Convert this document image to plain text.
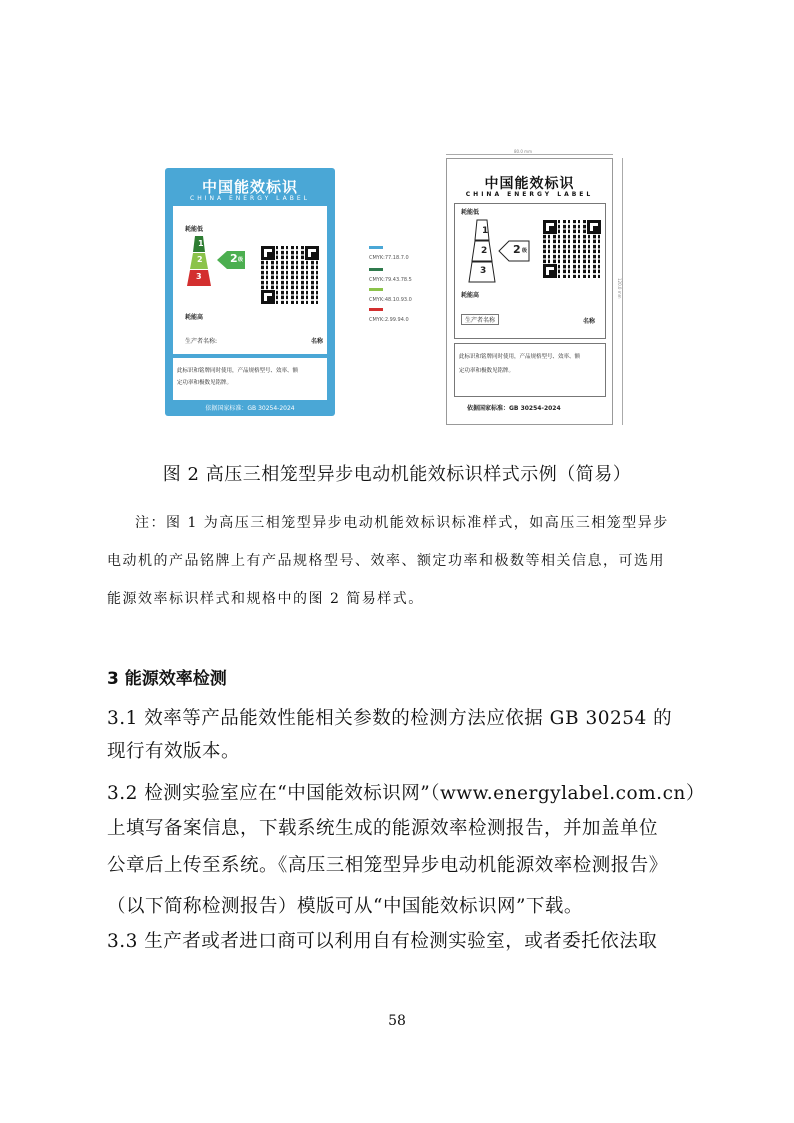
中国能效标识
CHINA ENERGY LABEL
耗能低
1
2
3
2 级
耗能高
生产者名称:	名称
此标识和铭牌同时使用，产品规格型号、效率、额
定功率和极数见铭牌。
依据国家标准：GB 30254-2024
CMYK:77.18.7.0
CMYK:79.43.78.5
CMYK:48.10.93.0
CMYK:2.99.94.0
80.0 mm
120.0 mm
中国能效标识
CHINA ENERGY LABEL
耗能低
1
2
3
2 级
耗能高
生产者名称	名称
此标识和铭牌同时使用，产品规格型号、效率、额
定功率和极数见铭牌。
依据国家标准：GB 30254-2024
图 2 高压三相笼型异步电动机能效标识样式示例（简易）
注：图 1 为高压三相笼型异步电动机能效标识标准样式，如高压三相笼型异步
电动机的产品铭牌上有产品规格型号、效率、额定功率和极数等相关信息，可选用
能源效率标识样式和规格中的图 2 简易样式。
3 能源效率检测
3.1 效率等产品能效性能相关参数的检测方法应依据 GB 30254 的
现行有效版本。
3.2 检测实验室应在“中国能效标识网”（www.energylabel.com.cn）
上填写备案信息，下载系统生成的能源效率检测报告，并加盖单位
公章后上传至系统。《高压三相笼型异步电动机能源效率检测报告》
（以下简称检测报告）模版可从“中国能效标识网”下载。
3.3 生产者或者进口商可以利用自有检测实验室，或者委托依法取
58
